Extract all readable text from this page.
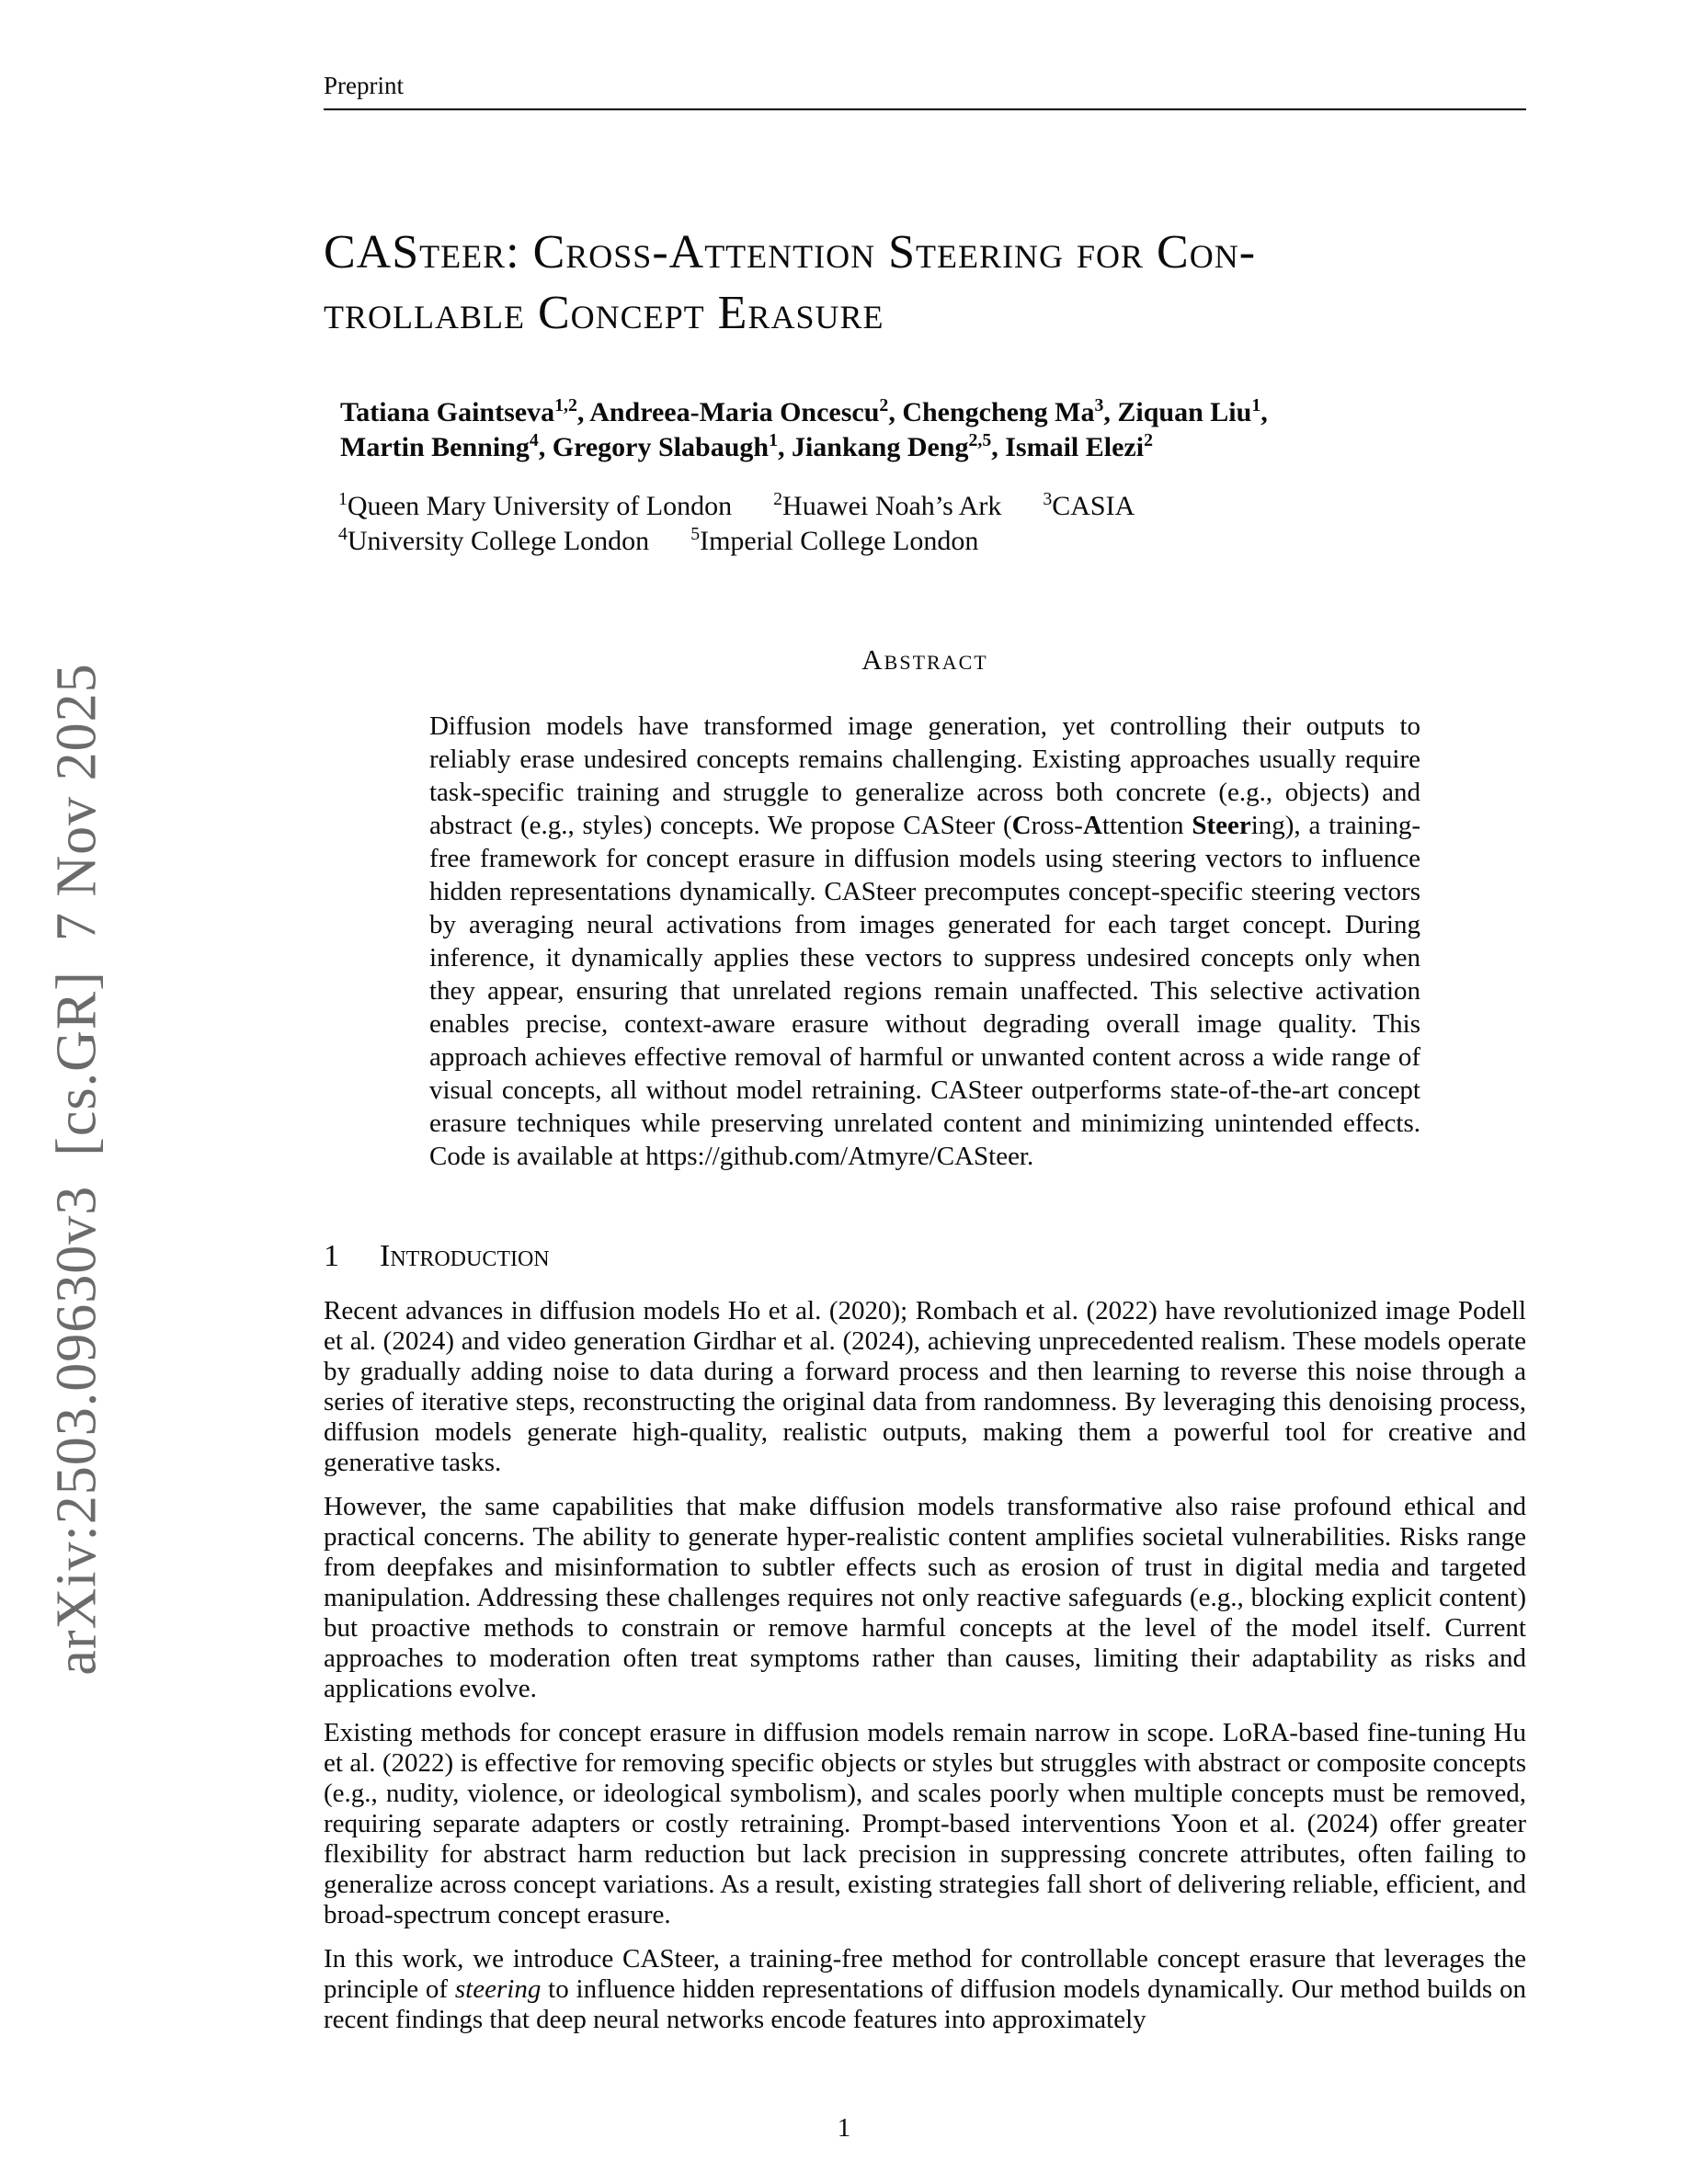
arXiv:2503.09630v3 [cs.GR] 7 Nov 2025
Preprint
CASteer: Cross-Attention Steering for Con-
trollable Concept Erasure
Tatiana Gaintseva$^{1,2}$, Andreea-Maria Oncescu$^2$, Chengcheng Ma$^3$, Ziquan Liu$^1$,
Martin Benning$^4$, Gregory Slabaugh$^1$, Jiankang Deng$^{2,5}$, Ismail Elezi$^2$
$^1$Queen Mary University of London   $^2$Huawei Noah’s Ark   $^3$CASIA
$^4$University College London   $^5$Imperial College London
Abstract
Diffusion models have transformed image generation, yet controlling their outputs to reliably erase undesired concepts remains challenging. Existing approaches usually require task-specific training and struggle to generalize across both concrete (e.g., objects) and abstract (e.g., styles) concepts. We propose CASteer (Cross-Attention Steering), a training-free framework for concept erasure in diffusion models using steering vectors to influence hidden representations dynamically. CASteer precomputes concept-specific steering vectors by averaging neural activations from images generated for each target concept. During inference, it dynamically applies these vectors to suppress undesired concepts only when they appear, ensuring that unrelated regions remain unaffected. This selective activation enables precise, context-aware erasure without degrading overall image quality. This approach achieves effective removal of harmful or unwanted content across a wide range of visual concepts, all without model retraining. CASteer outperforms state-of-the-art concept erasure techniques while preserving unrelated content and minimizing unintended effects. Code is available at https://github.com/Atmyre/CASteer.
1 Introduction
Recent advances in diffusion models Ho et al. (2020); Rombach et al. (2022) have revolutionized image Podell et al. (2024) and video generation Girdhar et al. (2024), achieving unprecedented realism. These models operate by gradually adding noise to data during a forward process and then learning to reverse this noise through a series of iterative steps, reconstructing the original data from randomness. By leveraging this denoising process, diffusion models generate high-quality, realistic outputs, making them a powerful tool for creative and generative tasks.
However, the same capabilities that make diffusion models transformative also raise profound ethical and practical concerns. The ability to generate hyper-realistic content amplifies societal vulnerabilities. Risks range from deepfakes and misinformation to subtler effects such as erosion of trust in digital media and targeted manipulation. Addressing these challenges requires not only reactive safeguards (e.g., blocking explicit content) but proactive methods to constrain or remove harmful concepts at the level of the model itself. Current approaches to moderation often treat symptoms rather than causes, limiting their adaptability as risks and applications evolve.
Existing methods for concept erasure in diffusion models remain narrow in scope. LoRA-based fine-tuning Hu et al. (2022) is effective for removing specific objects or styles but struggles with abstract or composite concepts (e.g., nudity, violence, or ideological symbolism), and scales poorly when multiple concepts must be removed, requiring separate adapters or costly retraining. Prompt-based interventions Yoon et al. (2024) offer greater flexibility for abstract harm reduction but lack precision in suppressing concrete attributes, often failing to generalize across concept variations. As a result, existing strategies fall short of delivering reliable, efficient, and broad-spectrum concept erasure.
In this work, we introduce CASteer, a training-free method for controllable concept erasure that leverages the principle of steering to influence hidden representations of diffusion models dynamically. Our method builds on recent findings that deep neural networks encode features into approximately
1
